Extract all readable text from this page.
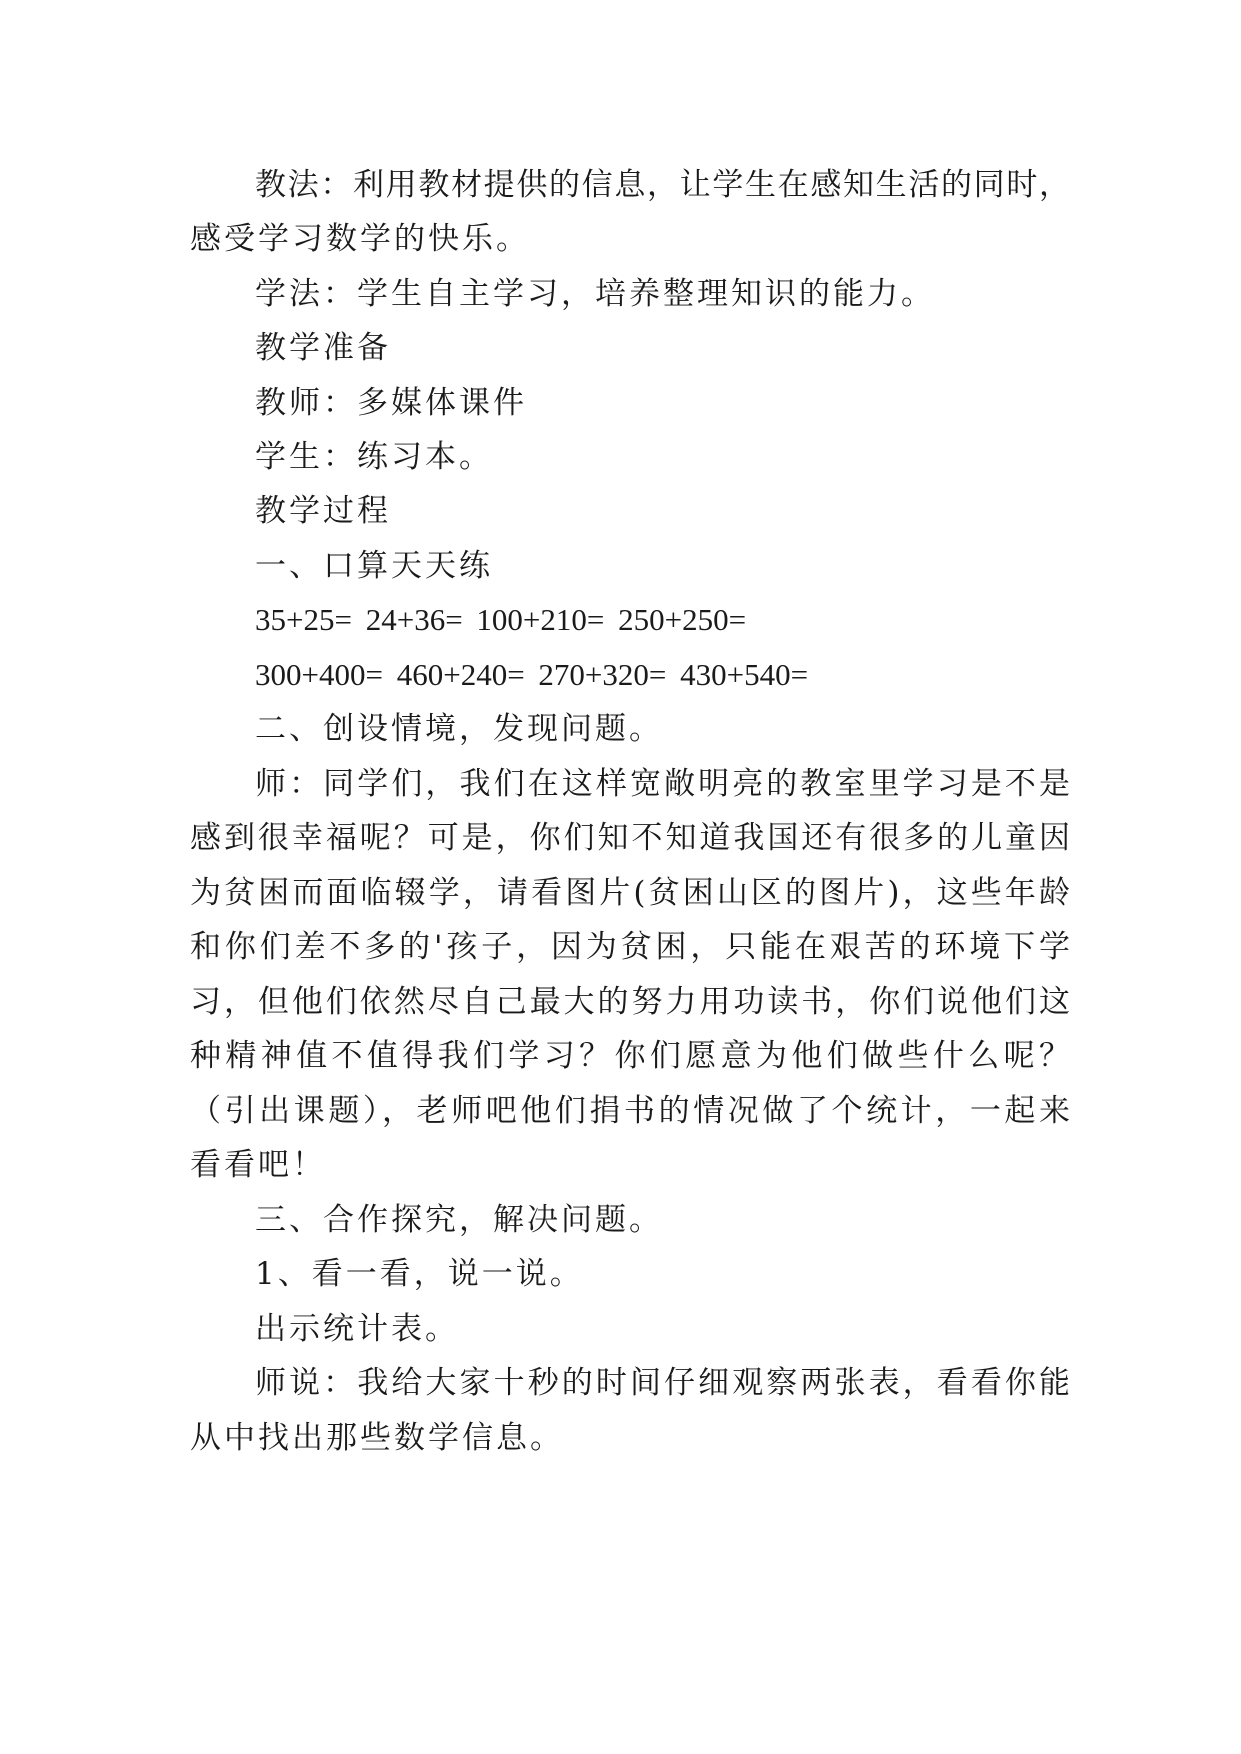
教法：利用教材提供的信息，让学生在感知生活的同时，
感受学习数学的快乐。
学法：学生自主学习，培养整理知识的能力。
教学准备
教师：多媒体课件
学生：练习本。
教学过程
一、口算天天练
35+25= 24+36= 100+210= 250+250=
300+400= 460+240= 270+320= 430+540=
二、创设情境，发现问题。
师：同学们，我们在这样宽敞明亮的教室里学习是不是
感到很幸福呢？可是，你们知不知道我国还有很多的儿童因
为贫困而面临辍学，请看图片(贫困山区的图片)，这些年龄
和你们差不多的'孩子，因为贫困，只能在艰苦的环境下学
习，但他们依然尽自己最大的努力用功读书，你们说他们这
种精神值不值得我们学习？你们愿意为他们做些什么呢？
（引出课题），老师吧他们捐书的情况做了个统计，一起来
看看吧！
三、合作探究，解决问题。
1、看一看，说一说。
出示统计表。
师说：我给大家十秒的时间仔细观察两张表，看看你能
从中找出那些数学信息。
